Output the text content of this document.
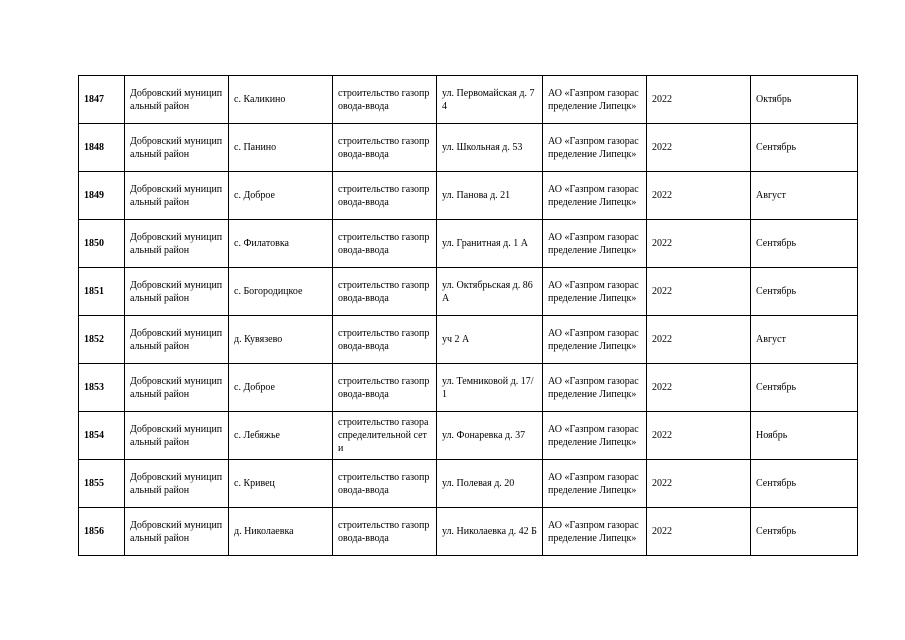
1847	Добровский муниципальный район	с. Каликино	строительство газопровода-ввода	ул. Первомайская д. 74	АО «Газпром газораспределение Липецк»	2022	Октябрь
1848	Добровский муниципальный район	с. Панино	строительство газопровода-ввода	ул. Школьная д. 53	АО «Газпром газораспределение Липецк»	2022	Сентябрь
1849	Добровский муниципальный район	с. Доброе	строительство газопровода-ввода	ул. Панова д. 21	АО «Газпром газораспределение Липецк»	2022	Август
1850	Добровский муниципальный район	с. Филатовка	строительство газопровода-ввода	ул. Гранитная д. 1 А	АО «Газпром газораспределение Липецк»	2022	Сентябрь
1851	Добровский муниципальный район	с. Богородицкое	строительство газопровода-ввода	ул. Октябрьская д. 86 А	АО «Газпром газораспределение Липецк»	2022	Сентябрь
1852	Добровский муниципальный район	д. Кувязево	строительство газопровода-ввода	уч 2 А	АО «Газпром газораспределение Липецк»	2022	Август
1853	Добровский муниципальный район	с. Доброе	строительство газопровода-ввода	ул. Темниковой д. 17/1	АО «Газпром газораспределение Липецк»	2022	Сентябрь
1854	Добровский муниципальный район	с. Лебяжье	строительство газораспределительной сети	ул. Фонаревка д. 37	АО «Газпром газораспределение Липецк»	2022	Ноябрь
1855	Добровский муниципальный район	с. Кривец	строительство газопровода-ввода	ул. Полевая д. 20	АО «Газпром газораспределение Липецк»	2022	Сентябрь
1856	Добровский муниципальный район	д. Николаевка	строительство газопровода-ввода	ул. Николаевка д. 42 Б	АО «Газпром газораспределение Липецк»	2022	Сентябрь
